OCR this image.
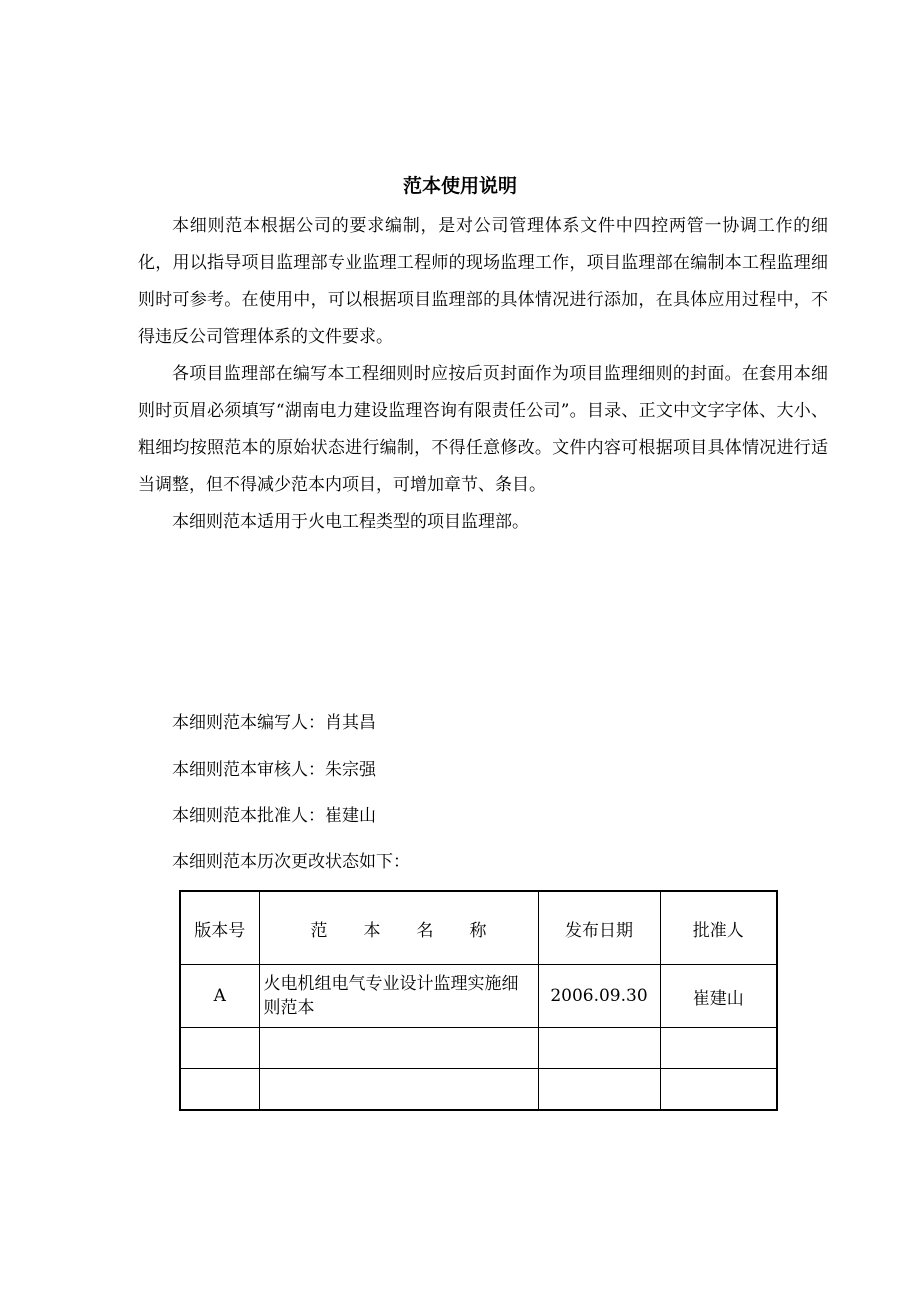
范本使用说明

本细则范本根据公司的要求编制，是对公司管理体系文件中四控两管一协调工作的细化，用以指导项目监理部专业监理工程师的现场监理工作，项目监理部在编制本工程监理细则时可参考。在使用中，可以根据项目监理部的具体情况进行添加，在具体应用过程中，不得违反公司管理体系的文件要求。

各项目监理部在编写本工程细则时应按后页封面作为项目监理细则的封面。在套用本细则时页眉必须填写“湖南电力建设监理咨询有限责任公司”。目录、正文中文字字体、大小、粗细均按照范本的原始状态进行编制，不得任意修改。文件内容可根据项目具体情况进行适当调整，但不得减少范本内项目，可增加章节、条目。

本细则范本适用于火电工程类型的项目监理部。

本细则范本编写人：肖其昌
本细则范本审核人：朱宗强
本细则范本批准人：崔建山
本细则范本历次更改状态如下：
版本号	范 本 名 称	发布日期	批准人
A	火电机组电气专业设计监理实施细则范本	2006.09.30	崔建山
